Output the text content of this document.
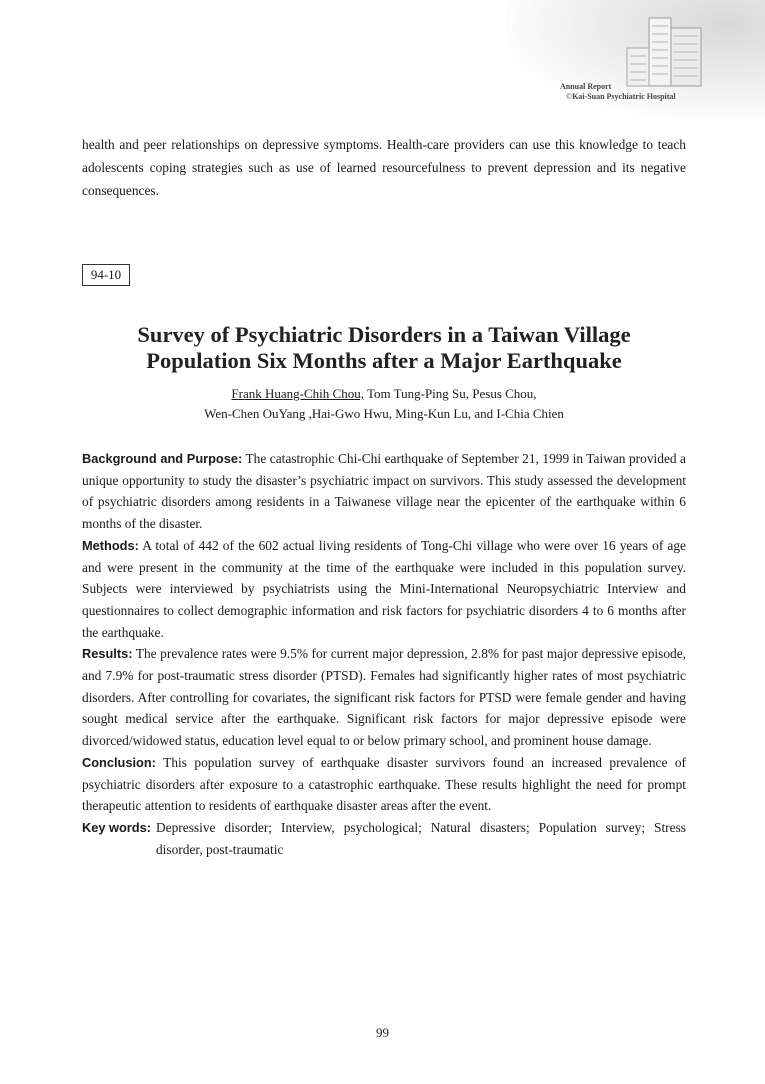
Annual Report
©Kai-Suan Psychiatric Hospital

health and peer relationships on depressive symptoms. Health-care providers can use this knowledge to teach adolescents coping strategies such as use of learned resourcefulness to prevent depression and its negative consequences.

94-10
Survey of Psychiatric Disorders in a Taiwan Village
Population Six Months after a Major Earthquake
Frank Huang-Chih Chou, Tom Tung-Ping Su, Pesus Chou,
Wen-Chen OuYang ,Hai-Gwo Hwu, Ming-Kun Lu, and I-Chia Chien

Background and Purpose: The catastrophic Chi-Chi earthquake of September 21, 1999 in Taiwan provided a unique opportunity to study the disaster’s psychiatric impact on survivors. This study assessed the development of psychiatric disorders among residents in a Taiwanese village near the epicenter of the earthquake within 6 months of the disaster.

Methods: A total of 442 of the 602 actual living residents of Tong-Chi village who were over 16 years of age and were present in the community at the time of the earthquake were included in this population survey. Subjects were interviewed by psychiatrists using the Mini-International Neuropsychiatric Interview and questionnaires to collect demographic information and risk factors for psychiatric disorders 4 to 6 months after the earthquake.

Results: The prevalence rates were 9.5% for current major depression, 2.8% for past major depressive episode, and 7.9% for post-traumatic stress disorder (PTSD). Females had significantly higher rates of most psychiatric disorders. After controlling for covariates, the significant risk factors for PTSD were female gender and having sought medical service after the earthquake. Significant risk factors for major depressive episode were divorced/widowed status, education level equal to or below primary school, and prominent house damage.

Conclusion: This population survey of earthquake disaster survivors found an increased prevalence of psychiatric disorders after exposure to a catastrophic earthquake. These results highlight the need for prompt therapeutic attention to residents of earthquake disaster areas after the event.

Key words: Depressive disorder; Interview, psychological; Natural disasters; Population survey; Stress disorder, post-traumatic
99
